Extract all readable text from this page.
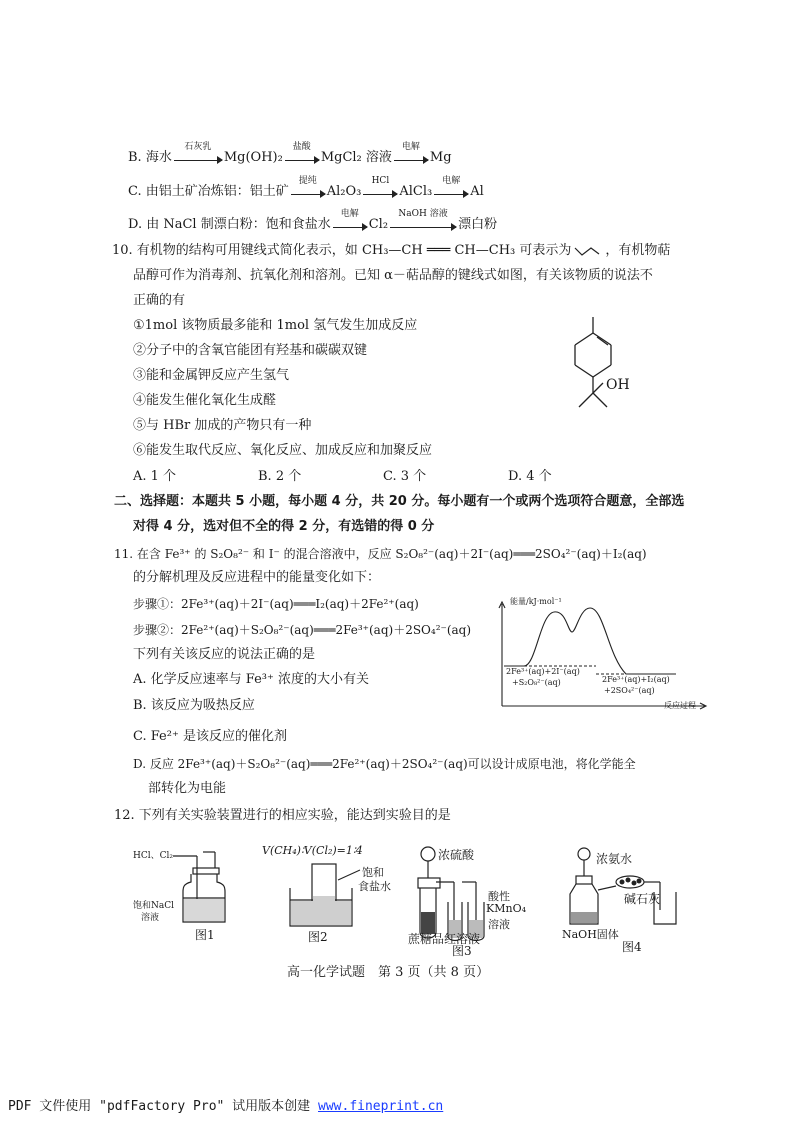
B. 海水
石灰乳
Mg(OH)₂
盐酸
MgCl₂ 溶液
电解
Mg
C. 由铝土矿冶炼铝：铝土矿
提纯
Al₂O₃
HCl
AlCl₃
电解
Al
D. 由 NaCl 制漂白粉：饱和食盐水
电解
Cl₂
NaOH 溶液
漂白粉
10. 有机物的结构可用键线式简化表示，如 CH₃—CH ═══ CH—CH₃ 可表示为	，有机物萜
品醇可作为消毒剂、抗氧化剂和溶剂。已知 α－萜品醇的键线式如图，有关该物质的说法不
正确的有
①1mol 该物质最多能和 1mol 氢气发生加成反应
②分子中的含氧官能团有羟基和碳碳双键
③能和金属钾反应产生氢气
④能发生催化氧化生成醛
⑤与 HBr 加成的产物只有一种
⑥能发生取代反应、氧化反应、加成反应和加聚反应
A. 1 个	B. 2 个	C. 3 个	D. 4 个
OH
二、选择题：本题共 5 小题，每小题 4 分，共 20 分。每小题有一个或两个选项符合题意，全部选
对得 4 分，选对但不全的得 2 分，有选错的得 0 分
11. 在含 Fe³⁺ 的 S₂O₈²⁻ 和 I⁻ 的混合溶液中，反应 S₂O₈²⁻(aq)＋2I⁻(aq)═══2SO₄²⁻(aq)＋I₂(aq)
的分解机理及反应进程中的能量变化如下：
步骤①：2Fe³⁺(aq)＋2I⁻(aq)═══I₂(aq)＋2Fe²⁺(aq)
步骤②：2Fe²⁺(aq)＋S₂O₈²⁻(aq)═══2Fe³⁺(aq)＋2SO₄²⁻(aq)
下列有关该反应的说法正确的是
A. 化学反应速率与 Fe³⁺ 浓度的大小有关
B. 该反应为吸热反应
C. Fe²⁺ 是该反应的催化剂
D. 反应 2Fe³⁺(aq)＋S₂O₈²⁻(aq)═══2Fe²⁺(aq)＋2SO₄²⁻(aq)可以设计成原电池，将化学能全
部转化为电能
能量/kJ·mol⁻¹
2Fe³⁺(aq)+2I⁻(aq)
+S₂O₈²⁻(aq)	2Fe³⁺(aq)+I₂(aq)
+2SO₄²⁻(aq)
反应过程
12. 下列有关实验装置进行的相应实验，能达到实验目的是
HCl、Cl₂
饱和NaCl
溶液
图1
V(CH₄)∶V(Cl₂)=1∶4
饱和
食盐水
图2
浓硫酸
酸性
KMnO₄
溶液
蔗糖品红溶液
图3
浓氨水
碱石灰
NaOH固体
图4
高一化学试题　第 3 页（共 8 页）
PDF 文件使用 "pdfFactory Pro" 试用版本创建 www.fineprint.cn
